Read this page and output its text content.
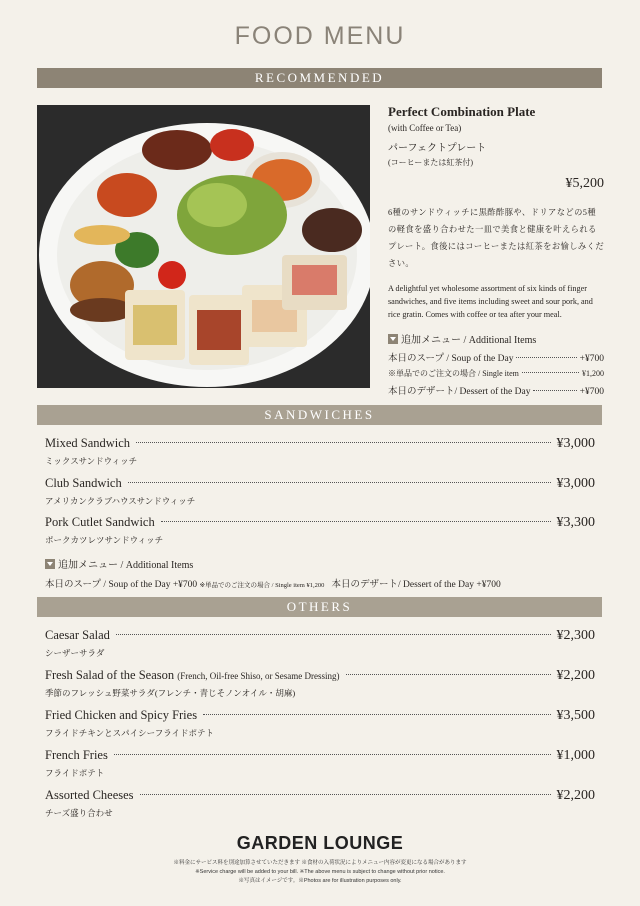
FOOD MENU
RECOMMENDED
Perfect Combination Plate
(with Coffee or Tea)
パーフェクトプレート
(コーヒーまたは紅茶付)
¥5,200
6種のサンドウィッチに黒酢酢豚や、ドリアなどの5種の軽食を盛り合わせた一皿で美食と健康を叶えられるプレート。食後にはコーヒーまたは紅茶をお愉しみください。
A delightful yet wholesome assortment of six kinds of finger sandwiches, and five items including sweet and sour pork, and rice gratin. Comes with coffee or tea after your meal.
追加メニュー / Additional Items
本日のスープ / Soup of the Day	+¥700
※単品でのご注文の場合 / Single item	¥1,200
本日のデザート/ Dessert of the Day	+¥700
SANDWICHES
Mixed Sandwich	¥3,000
ミックスサンドウィッチ
Club Sandwich	¥3,000
アメリカンクラブハウスサンドウィッチ
Pork Cutlet Sandwich	¥3,300
ポークカツレツサンドウィッチ
追加メニュー / Additional Items
本日のスープ / Soup of the Day +¥700 ※単品でのご注文の場合 / Single item ¥1,200 本日のデザート/ Dessert of the Day +¥700
OTHERS
Caesar Salad	¥2,300
シーザーサラダ
Fresh Salad of the Season (French, Oil-free Shiso, or Sesame Dressing)	¥2,200
季節のフレッシュ野菜サラダ(フレンチ・青じそノンオイル・胡麻)
Fried Chicken and Spicy Fries	¥3,500
フライドチキンとスパイシーフライドポテト
French Fries	¥1,000
フライドポテト
Assorted Cheeses	¥2,200
チーズ盛り合わせ
GARDEN LOUNGE
※料金にサービス料を別途加算させていただきます ※食材の入荷状況によりメニュー内容が変更になる場合があります
※Service charge will be added to your bill. ※The above menu is subject to change without prior notice.
※写真はイメージです。※Photos are for illustration purposes only.
